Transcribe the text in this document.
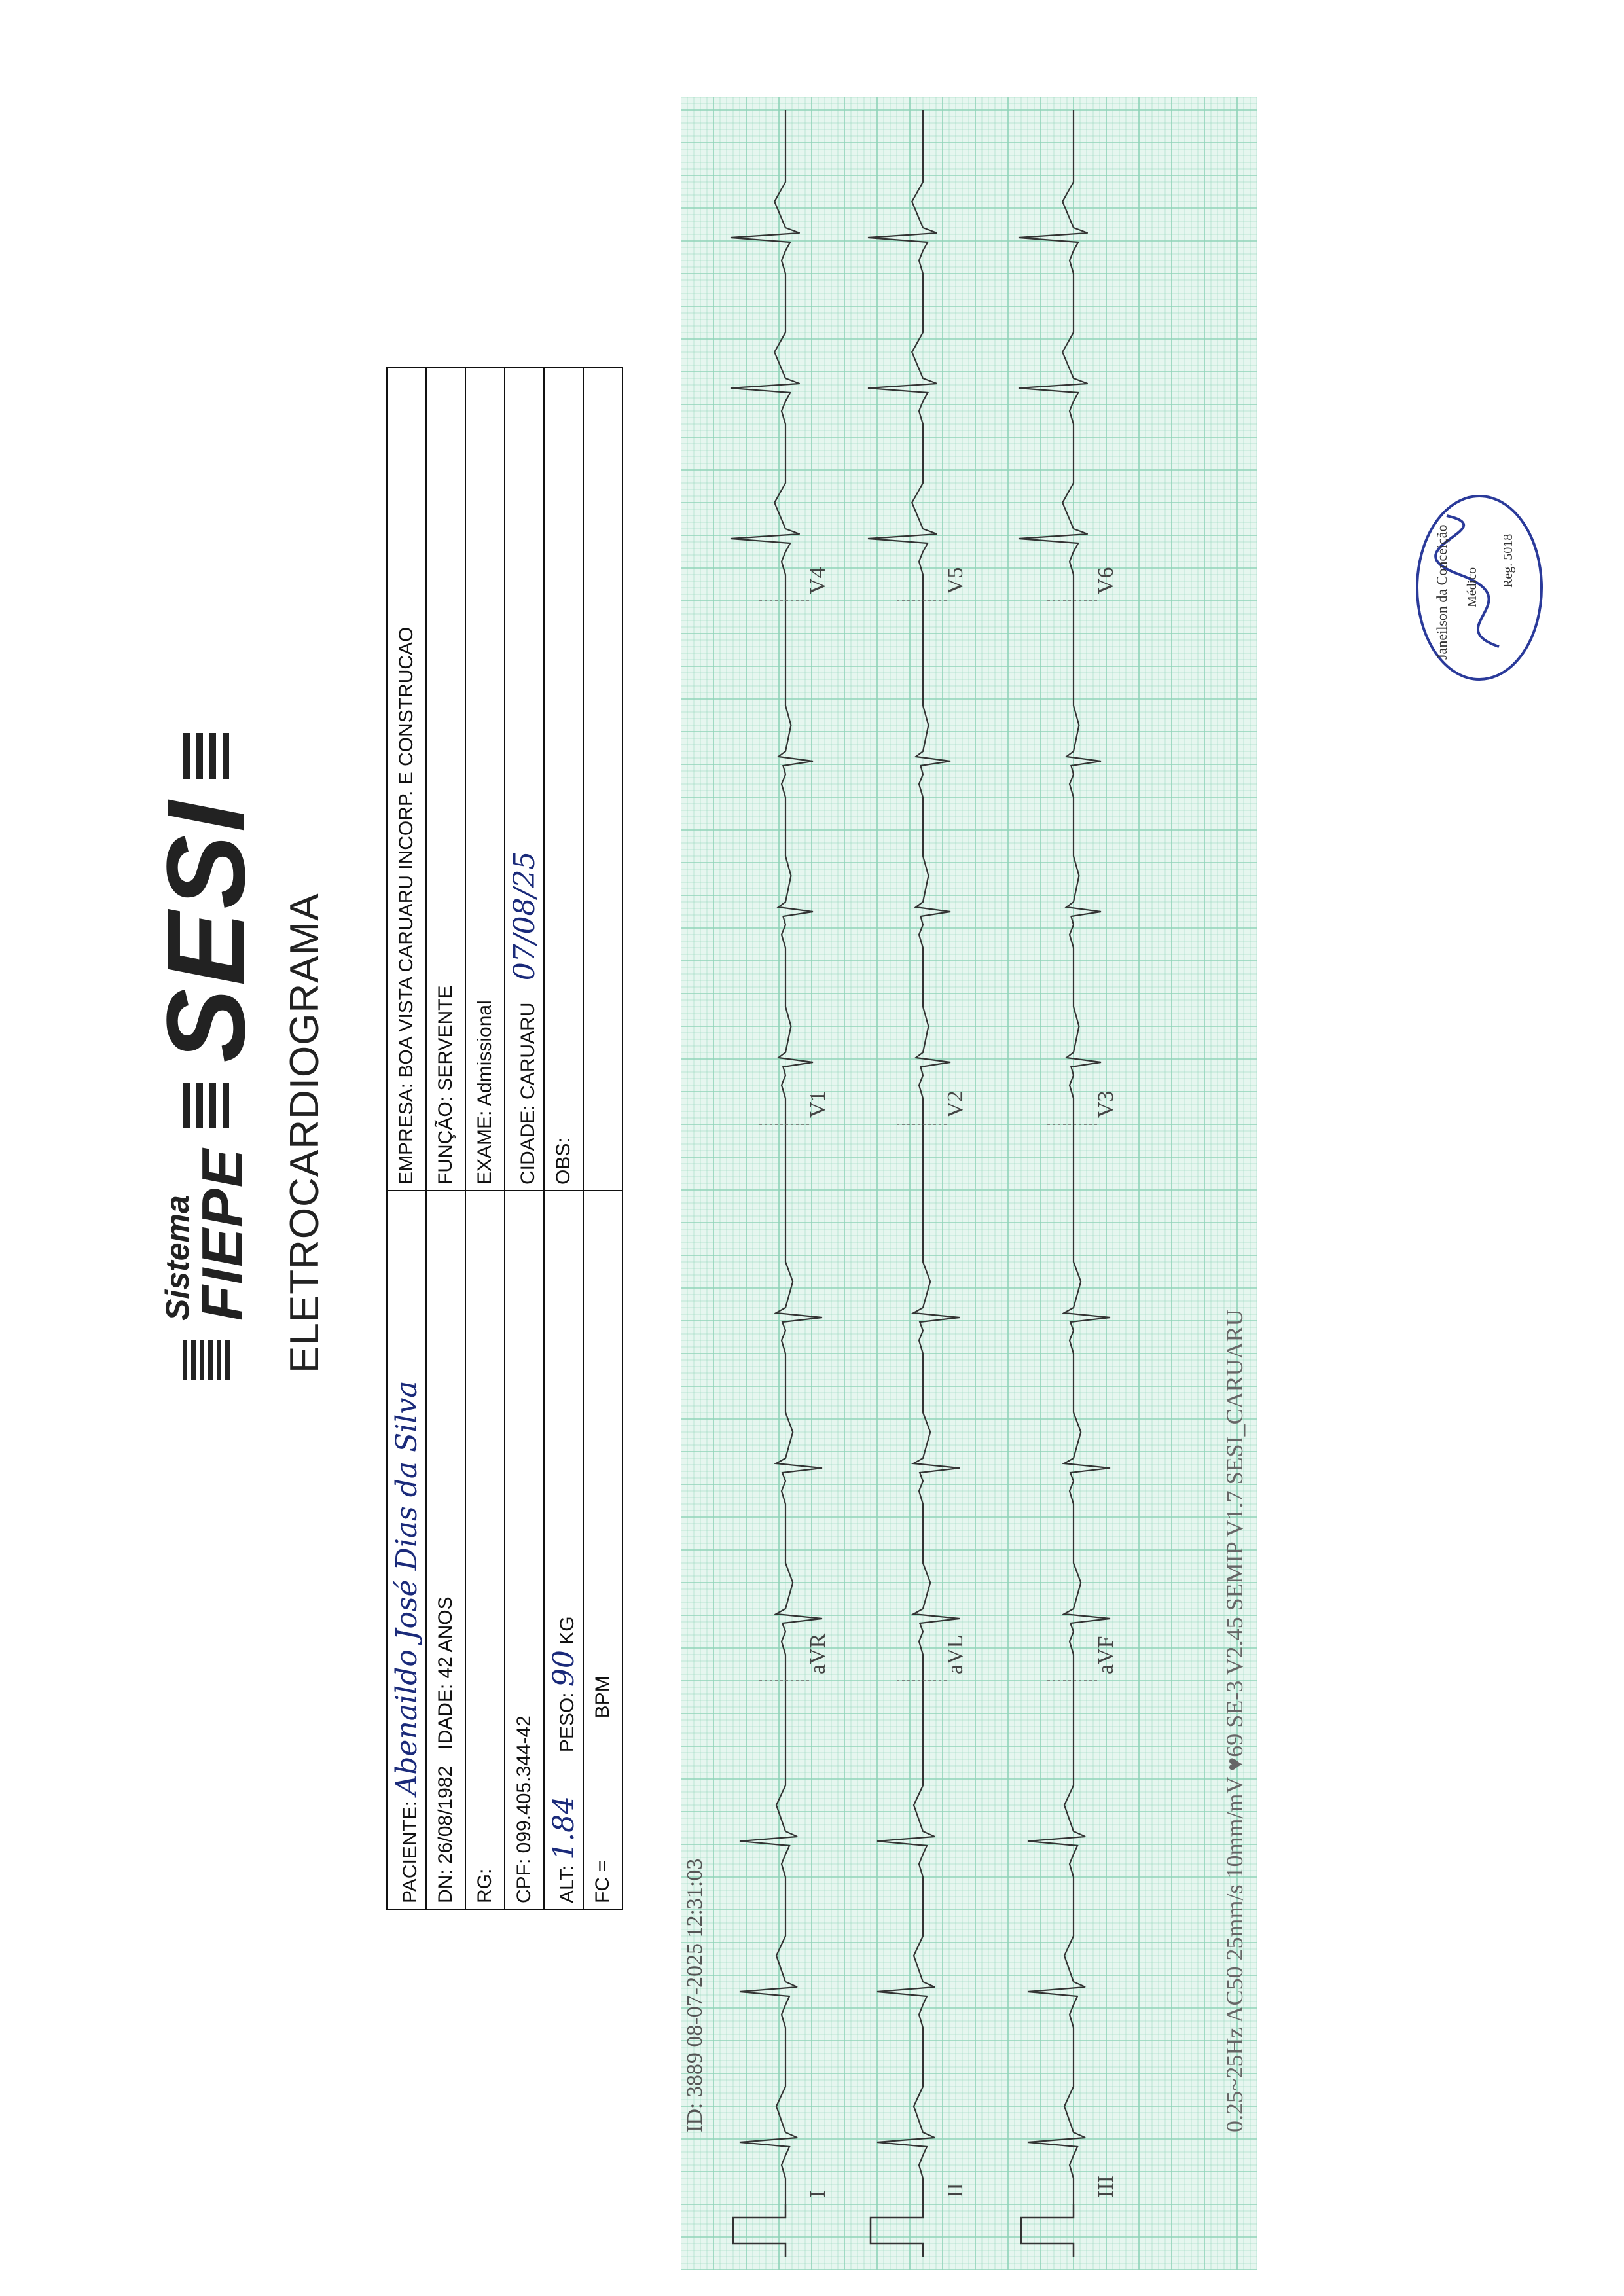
Sistema
FIEPE
SESI ELETROCARDIOGRAMA
PACIENTE: Abenaildo José Dias da Silva	EMPRESA: BOA VISTA CARUARU INCORP. E CONSTRUCAO
DN: 26/08/1982   IDADE: 42 ANOS	FUNÇÃO: SERVENTE
RG:	EXAME: Admissional
CPF: 099.405.344-42	CIDADE: CARUARU    07/08/25
ALT: 1.84        PESO: 90 KG	OBS:
FC =                          BPM	
I
aVR
V1
V4
II
aVL
V2
V5
III
aVF
V3
V6
ID: 3889 08-07-2025 12:31:03	0.25~25Hz AC50 25mm/s 10mm/mV ♥69 SE-3 V2.45 SEMIP V1.7 SESI_CARUARU
Janeilson da Conceição Médico Reg. 5018
